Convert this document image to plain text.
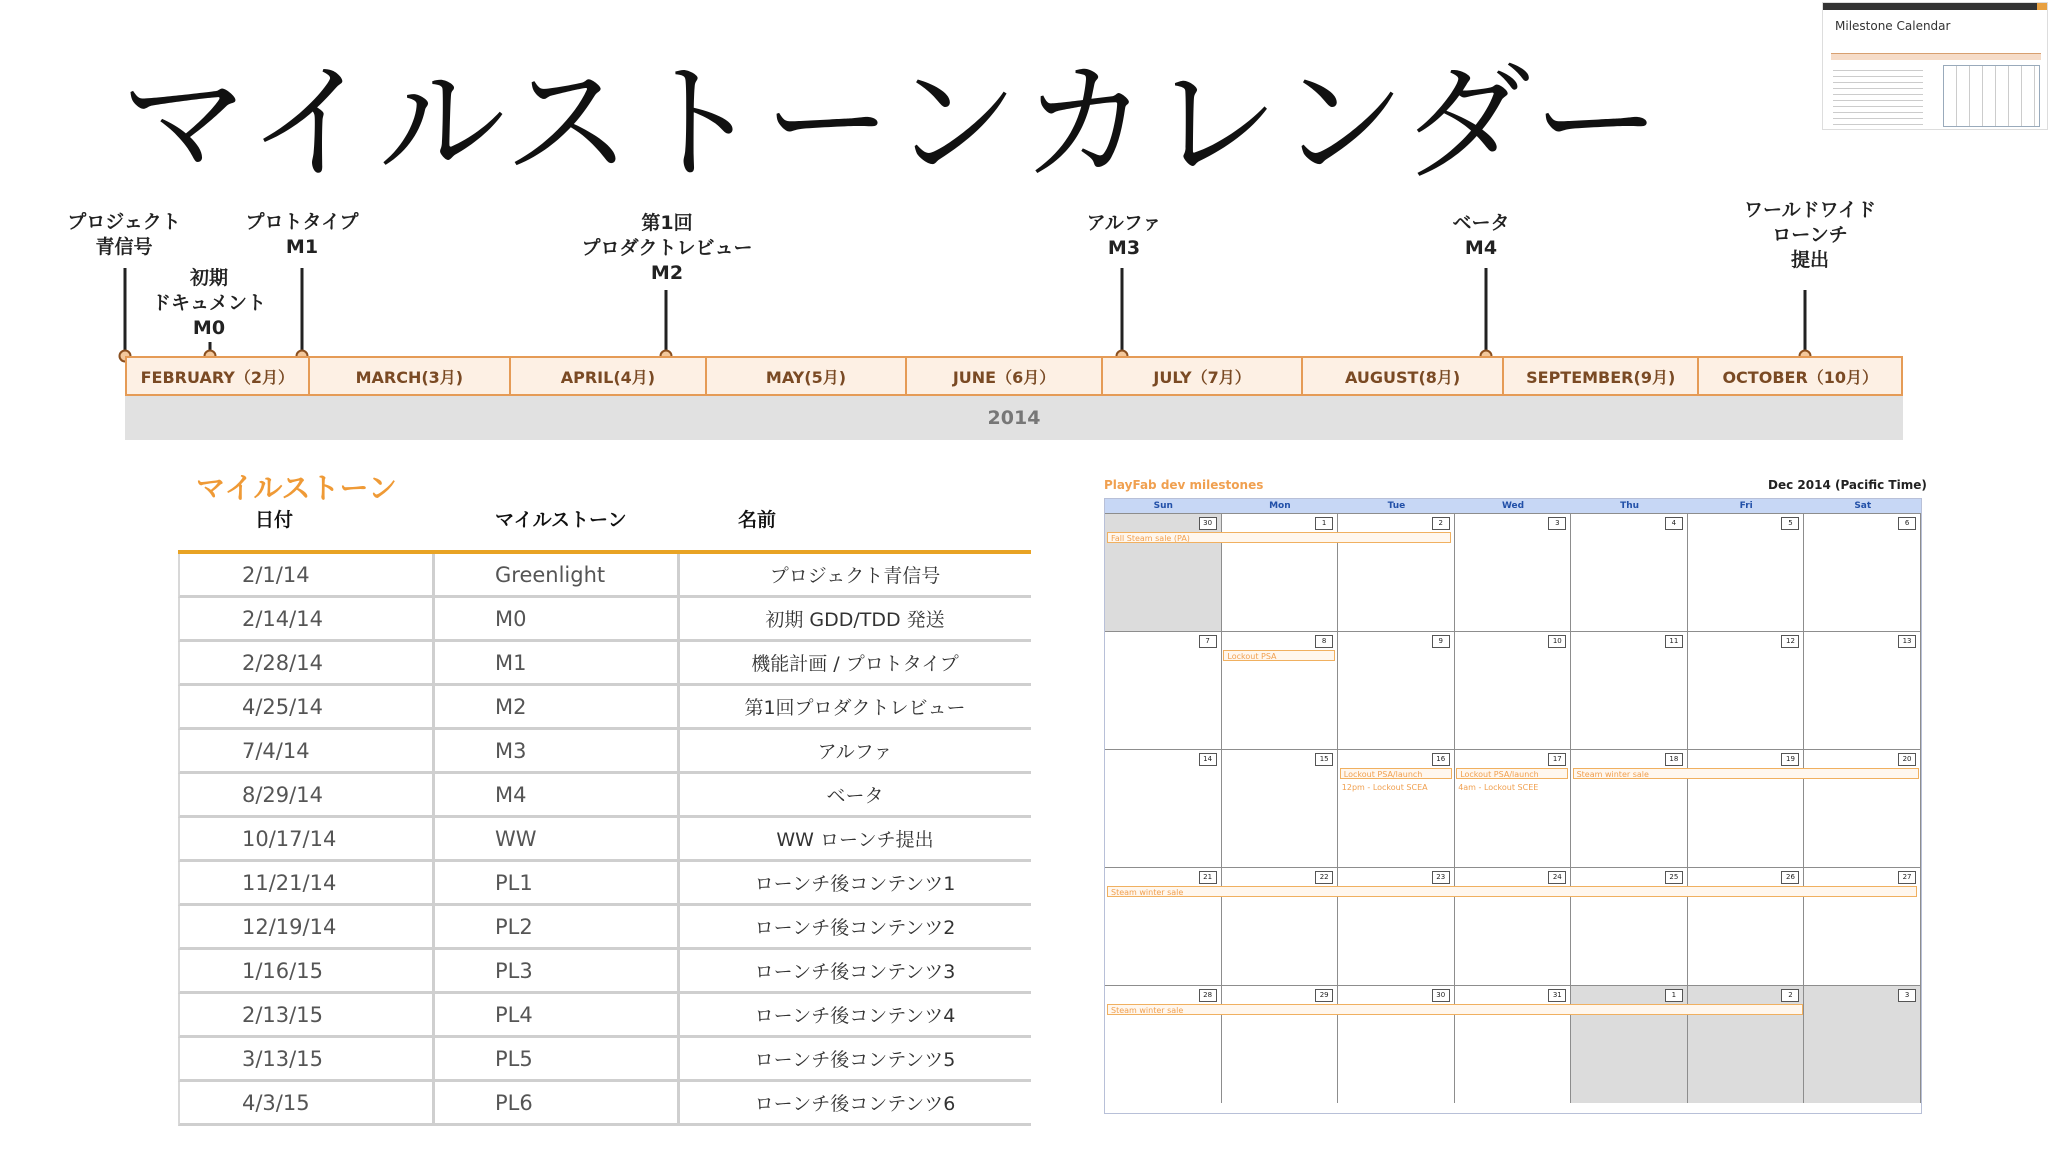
マイルストーンカレンダー
Milestone Calendar
プロジェクト
青信号
初期
ドキュメント
M0
プロトタイプ
M1
第1回
プロダクトレビュー
M2
アルファ
M3
ベータ
M4
ワールドワイド
ローンチ
提出
FEBRUARY（2月）	MARCH(3月)	APRIL(4月)	MAY(5月)	JUNE（6月）	JULY（7月）	AUGUST(8月)	SEPTEMBER(9月)	OCTOBER（10月）
2014
マイルストーン
日付	マイルストーン	名前
2/1/14	Greenlight	プロジェクト青信号
2/14/14	M0	初期 GDD/TDD 発送
2/28/14	M1	機能計画 / プロトタイプ
4/25/14	M2	第1回プロダクトレビュー
7/4/14	M3	アルファ
8/29/14	M4	ベータ
10/17/14	WW	WW ローンチ提出
11/21/14	PL1	ローンチ後コンテンツ1
12/19/14	PL2	ローンチ後コンテンツ2
1/16/15	PL3	ローンチ後コンテンツ3
2/13/15	PL4	ローンチ後コンテンツ4
3/13/15	PL5	ローンチ後コンテンツ5
4/3/15	PL6	ローンチ後コンテンツ6
PlayFab dev milestones	Dec 2014 (Pacific Time)
Sun	Mon	Tue	Wed	Thu	Fri	Sat
30	1	2	3	4	5	6
Fall Steam sale (PA)
7	8	9	10	11	12	13
Lockout PSA
14	15	16	17	18	19	20
Lockout PSA/launch
12pm - Lockout SCEA
Lockout PSA/launch
4am - Lockout SCEE
Steam winter sale
21	22	23	24	25	26	27
Steam winter sale
28	29	30	31	1	2	3
Steam winter sale
